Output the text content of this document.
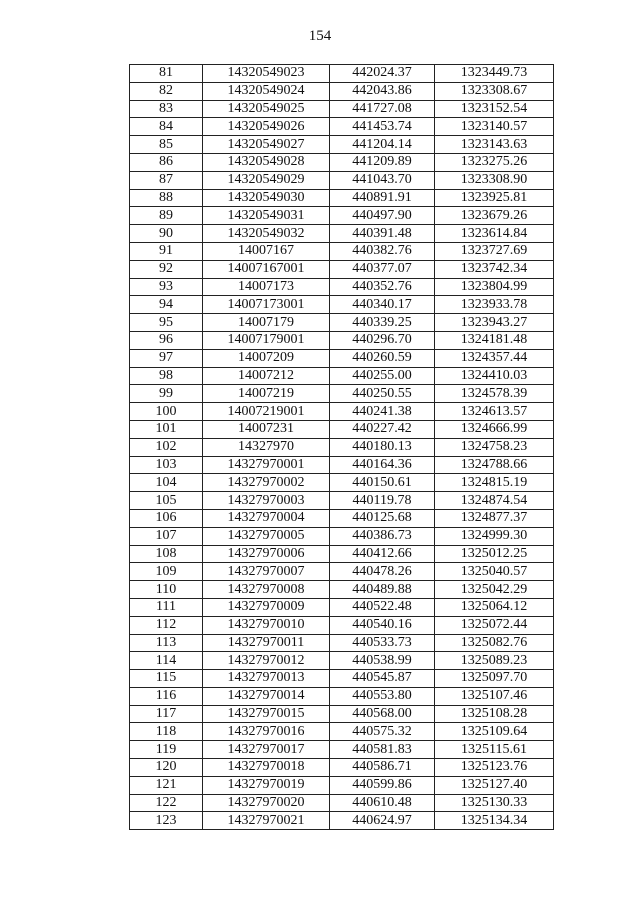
154
81	14320549023	442024.37	1323449.73
82	14320549024	442043.86	1323308.67
83	14320549025	441727.08	1323152.54
84	14320549026	441453.74	1323140.57
85	14320549027	441204.14	1323143.63
86	14320549028	441209.89	1323275.26
87	14320549029	441043.70	1323308.90
88	14320549030	440891.91	1323925.81
89	14320549031	440497.90	1323679.26
90	14320549032	440391.48	1323614.84
91	14007167	440382.76	1323727.69
92	14007167001	440377.07	1323742.34
93	14007173	440352.76	1323804.99
94	14007173001	440340.17	1323933.78
95	14007179	440339.25	1323943.27
96	14007179001	440296.70	1324181.48
97	14007209	440260.59	1324357.44
98	14007212	440255.00	1324410.03
99	14007219	440250.55	1324578.39
100	14007219001	440241.38	1324613.57
101	14007231	440227.42	1324666.99
102	14327970	440180.13	1324758.23
103	14327970001	440164.36	1324788.66
104	14327970002	440150.61	1324815.19
105	14327970003	440119.78	1324874.54
106	14327970004	440125.68	1324877.37
107	14327970005	440386.73	1324999.30
108	14327970006	440412.66	1325012.25
109	14327970007	440478.26	1325040.57
110	14327970008	440489.88	1325042.29
111	14327970009	440522.48	1325064.12
112	14327970010	440540.16	1325072.44
113	14327970011	440533.73	1325082.76
114	14327970012	440538.99	1325089.23
115	14327970013	440545.87	1325097.70
116	14327970014	440553.80	1325107.46
117	14327970015	440568.00	1325108.28
118	14327970016	440575.32	1325109.64
119	14327970017	440581.83	1325115.61
120	14327970018	440586.71	1325123.76
121	14327970019	440599.86	1325127.40
122	14327970020	440610.48	1325130.33
123	14327970021	440624.97	1325134.34
